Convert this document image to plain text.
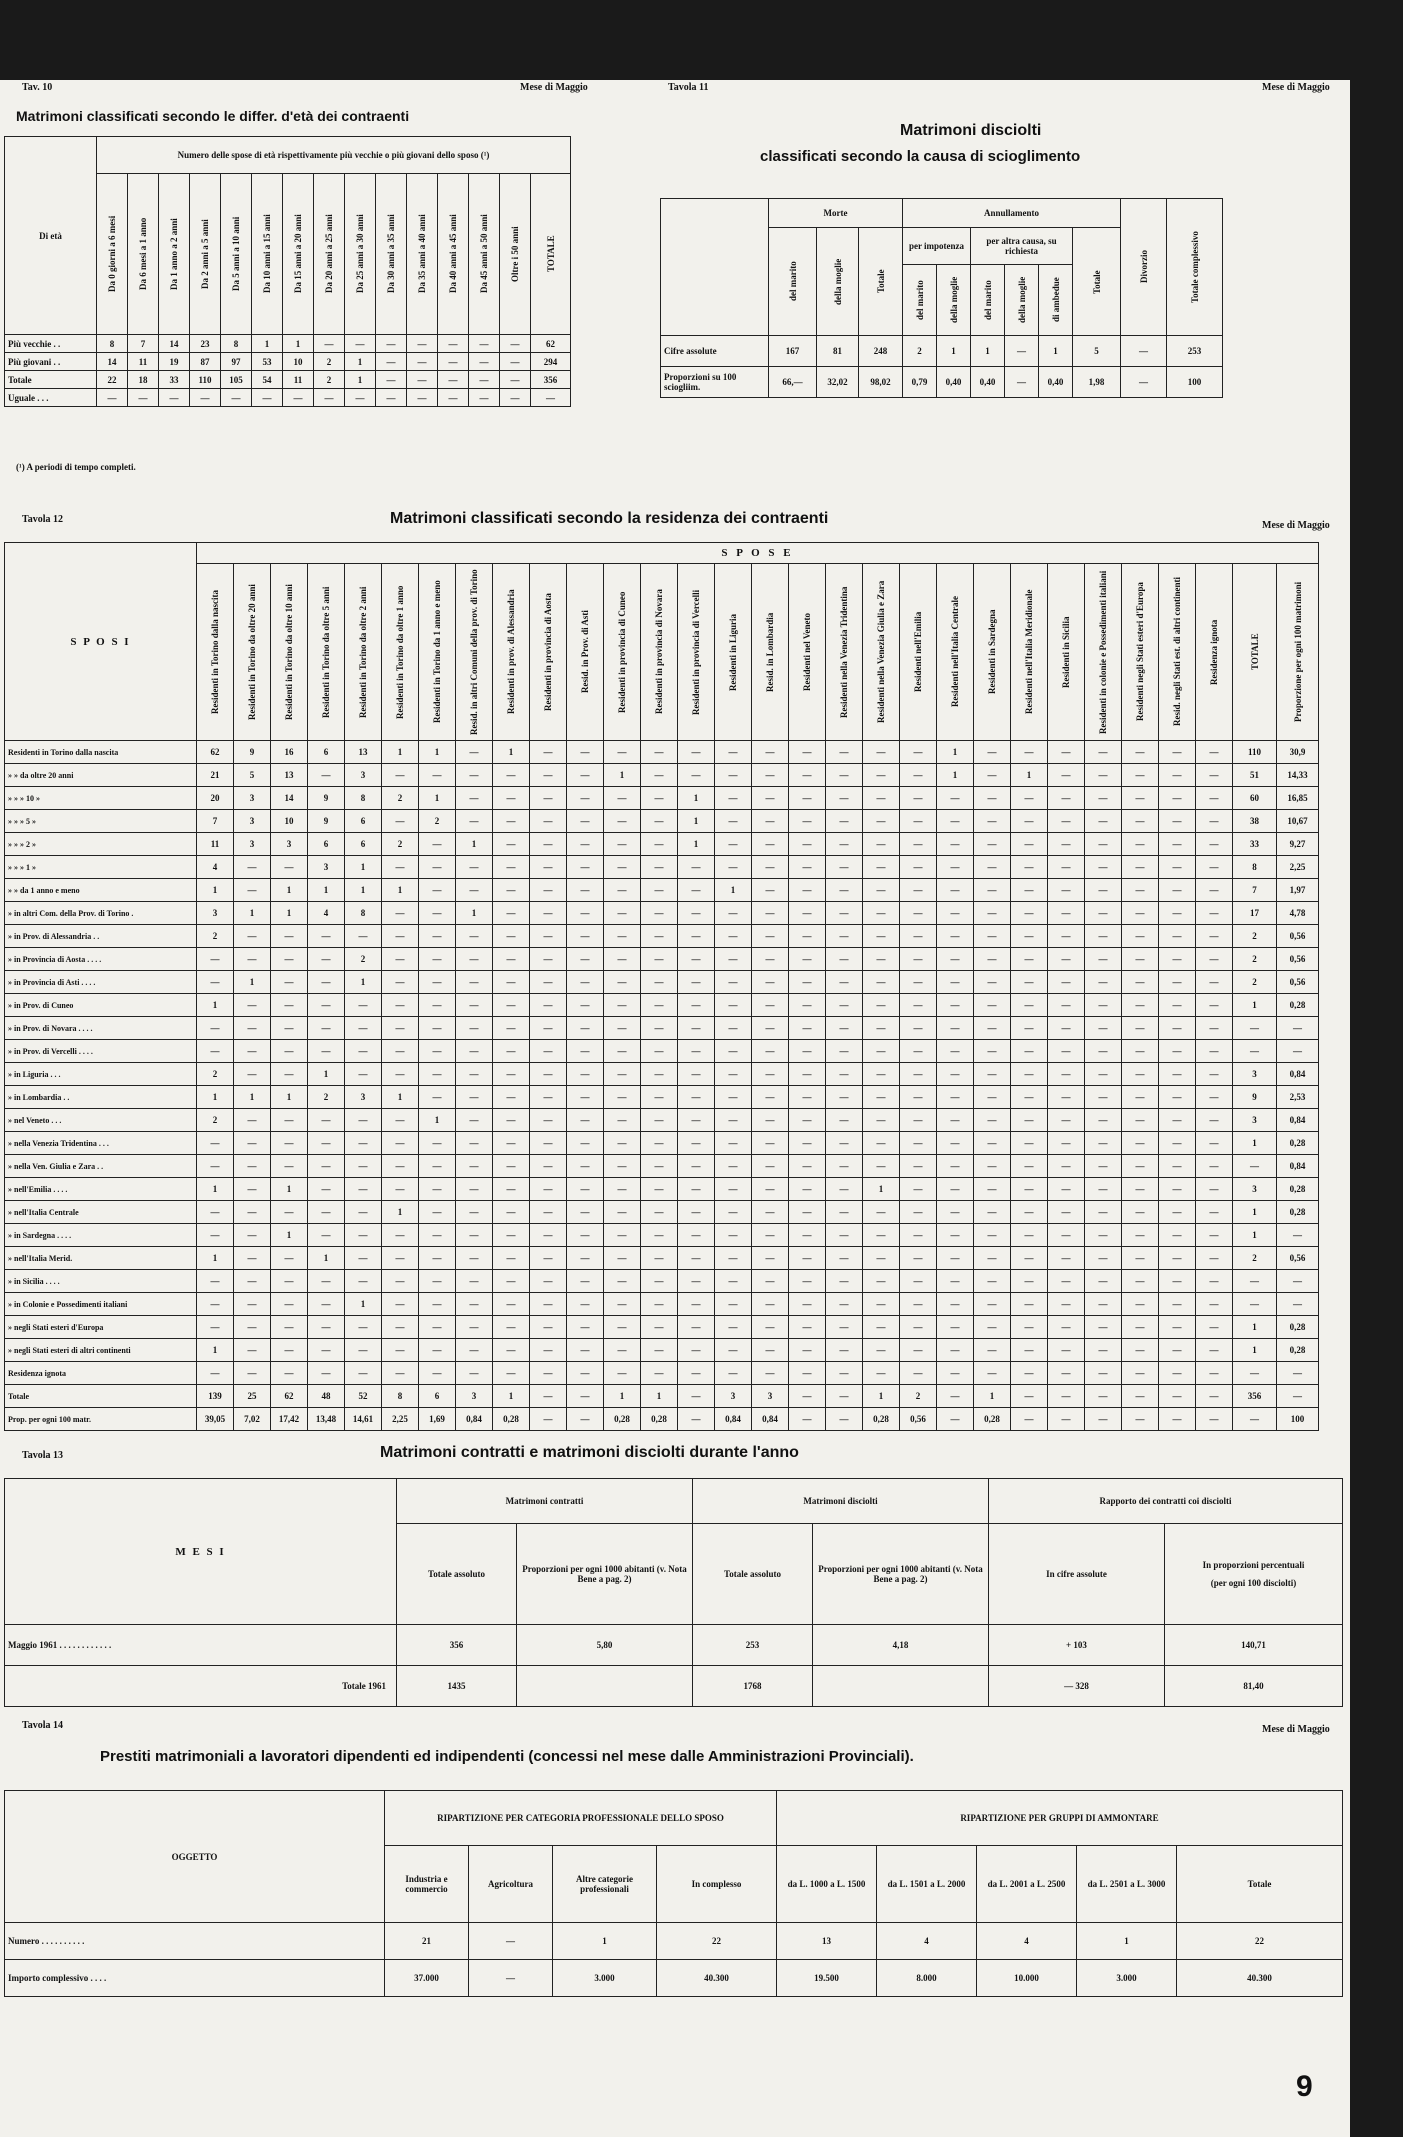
Tav. 10	Mese di Maggio
Matrimoni classificati secondo le differ. d'età dei contraenti
Di età	Numero delle spose di età rispettivamente più vecchie o più giovani dello sposo (¹)														

	Da 0 giorni a 6 mesi	Da 6 mesi a 1 anno	Da 1 anno a 2 anni	Da 2 anni a 5 anni	Da 5 anni a 10 anni	Da 10 anni a 15 anni	Da 15 anni a 20 anni	Da 20 anni a 25 anni	Da 25 anni a 30 anni	Da 30 anni a 35 anni	Da 35 anni a 40 anni	Da 40 anni a 45 anni	Da 45 anni a 50 anni	Oltre i 50 anni	TOTALE

Più vecchie . .	8	7	14	23	8	1	1	—	—	—	—	—	—	—	62
Più giovani . .	14	11	19	87	97	53	10	2	1	—	—	—	—	—	294
Totale	22	18	33	110	105	54	11	2	1	—	—	—	—	—	356
Uguale . . .	—	—	—	—	—	—	—	—	—	—	—	—	—	—	—
(¹) A periodi di tempo completi.
Tavola 11	Mese di Maggio
Matrimoni disciolti
classificati secondo la causa di scioglimento
	Morte			Annullamento						Divorzio	Totale complessivo

	del marito	della moglie	Totale	per impotenza		per altra causa, su richiesta			Totale		

				del marito	della moglie	del marito	della moglie	di ambedue			

Cifre assolute	167	81	248	2	1	1	—	1	5	—	253
Proporzioni su 100 sciogliim.	66,—	32,02	98,02	0,79	0,40	0,40	—	0,40	1,98	—	100
Tavola 12	Matrimoni classificati secondo la residenza dei contraenti	Mese di Maggio
S P O S I	S P O S E																													

	Residenti in Torino dalla nascita	Residenti in Torino da oltre 20 anni	Residenti in Torino da oltre 10 anni	Residenti in Torino da oltre 5 anni	Residenti in Torino da oltre 2 anni	Residenti in Torino da oltre 1 anno	Residenti in Torino da 1 anno e meno	Resid. in altri Comuni della prov. di Torino	Residenti in prov. di Alessandria	Residenti in provincia di Aosta	Resid. in Prov. di Asti	Residenti in provincia di Cuneo	Residenti in provincia di Novara	Residenti in provincia di Vercelli	Residenti in Liguria	Resid. in Lombardia	Residenti nel Veneto	Residenti nella Venezia Tridentina	Residenti nella Venezia Giulia e Zara	Residenti nell'Emilia	Residenti nell'Italia Centrale	Residenti in Sardegna	Residenti nell'Italia Meridionale	Residenti in Sicilia	Residenti in colonie e Possedimenti italiani	Residenti negli Stati esteri d'Europa	Resid. negli Stati est. di altri continenti	Residenza ignota	TOTALE	Proporzione per ogni 100 matrimoni

Residenti in Torino dalla nascita	62	9	16	6	13	1	1	—	1	—	—	—	—	—	—	—	—	—	—	—	1	—	—	—	—	—	—	—	110	30,9
» » da oltre 20 anni	21	5	13	—	3	—	—	—	—	—	—	1	—	—	—	—	—	—	—	—	1	—	1	—	—	—	—	—	51	14,33
» » » 10 »	20	3	14	9	8	2	1	—	—	—	—	—	—	1	—	—	—	—	—	—	—	—	—	—	—	—	—	—	60	16,85
» » » 5 »	7	3	10	9	6	—	2	—	—	—	—	—	—	1	—	—	—	—	—	—	—	—	—	—	—	—	—	—	38	10,67
» » » 2 »	11	3	3	6	6	2	—	1	—	—	—	—	—	1	—	—	—	—	—	—	—	—	—	—	—	—	—	—	33	9,27
» » » 1 »	4	—	—	3	1	—	—	—	—	—	—	—	—	—	—	—	—	—	—	—	—	—	—	—	—	—	—	—	8	2,25
» » da 1 anno e meno	1	—	1	1	1	1	—	—	—	—	—	—	—	—	1	—	—	—	—	—	—	—	—	—	—	—	—	—	7	1,97
» in altri Com. della Prov. di Torino .	3	1	1	4	8	—	—	1	—	—	—	—	—	—	—	—	—	—	—	—	—	—	—	—	—	—	—	—	17	4,78
» in Prov. di Alessandria . .	2	—	—	—	—	—	—	—	—	—	—	—	—	—	—	—	—	—	—	—	—	—	—	—	—	—	—	—	2	0,56
» in Provincia di Aosta . . . .	—	—	—	—	2	—	—	—	—	—	—	—	—	—	—	—	—	—	—	—	—	—	—	—	—	—	—	—	2	0,56
» in Provincia di Asti . . . .	—	1	—	—	1	—	—	—	—	—	—	—	—	—	—	—	—	—	—	—	—	—	—	—	—	—	—	—	2	0,56
» in Prov. di Cuneo	1	—	—	—	—	—	—	—	—	—	—	—	—	—	—	—	—	—	—	—	—	—	—	—	—	—	—	—	1	0,28
» in Prov. di Novara . . . .	—	—	—	—	—	—	—	—	—	—	—	—	—	—	—	—	—	—	—	—	—	—	—	—	—	—	—	—	—	—
» in Prov. di Vercelli . . . .	—	—	—	—	—	—	—	—	—	—	—	—	—	—	—	—	—	—	—	—	—	—	—	—	—	—	—	—	—	—
» in Liguria . . .	2	—	—	1	—	—	—	—	—	—	—	—	—	—	—	—	—	—	—	—	—	—	—	—	—	—	—	—	3	0,84
» in Lombardia . .	1	1	1	2	3	1	—	—	—	—	—	—	—	—	—	—	—	—	—	—	—	—	—	—	—	—	—	—	9	2,53
» nel Veneto . . .	2	—	—	—	—	—	1	—	—	—	—	—	—	—	—	—	—	—	—	—	—	—	—	—	—	—	—	—	3	0,84
» nella Venezia Tridentina . . .	—	—	—	—	—	—	—	—	—	—	—	—	—	—	—	—	—	—	—	—	—	—	—	—	—	—	—	—	1	0,28
» nella Ven. Giulia e Zara . .	—	—	—	—	—	—	—	—	—	—	—	—	—	—	—	—	—	—	—	—	—	—	—	—	—	—	—	—	—	0,84
» nell'Emilia . . . .	1	—	1	—	—	—	—	—	—	—	—	—	—	—	—	—	—	—	1	—	—	—	—	—	—	—	—	—	3	0,28
» nell'Italia Centrale	—	—	—	—	—	1	—	—	—	—	—	—	—	—	—	—	—	—	—	—	—	—	—	—	—	—	—	—	1	0,28
» in Sardegna . . . .	—	—	1	—	—	—	—	—	—	—	—	—	—	—	—	—	—	—	—	—	—	—	—	—	—	—	—	—	1	—
» nell'Italia Merid.	1	—	—	1	—	—	—	—	—	—	—	—	—	—	—	—	—	—	—	—	—	—	—	—	—	—	—	—	2	0,56
» in Sicilia . . . .	—	—	—	—	—	—	—	—	—	—	—	—	—	—	—	—	—	—	—	—	—	—	—	—	—	—	—	—	—	—
» in Colonie e Possedimenti italiani	—	—	—	—	1	—	—	—	—	—	—	—	—	—	—	—	—	—	—	—	—	—	—	—	—	—	—	—	—	—
» negli Stati esteri d'Europa	—	—	—	—	—	—	—	—	—	—	—	—	—	—	—	—	—	—	—	—	—	—	—	—	—	—	—	—	1	0,28
» negli Stati esteri di altri continenti	1	—	—	—	—	—	—	—	—	—	—	—	—	—	—	—	—	—	—	—	—	—	—	—	—	—	—	—	1	0,28
Residenza ignota	—	—	—	—	—	—	—	—	—	—	—	—	—	—	—	—	—	—	—	—	—	—	—	—	—	—	—	—	—	—
Totale	139	25	62	48	52	8	6	3	1	—	—	1	1	—	3	3	—	—	1	2	—	1	—	—	—	—	—	—	356	—
Prop. per ogni 100 matr.	39,05	7,02	17,42	13,48	14,61	2,25	1,69	0,84	0,28	—	—	0,28	0,28	—	0,84	0,84	—	—	0,28	0,56	—	0,28	—	—	—	—	—	—	—	100
Tavola 13	Matrimoni contratti e matrimoni disciolti durante l'anno
M E S I	Matrimoni contratti		Matrimoni disciolti		Rapporto dei contratti coi disciolti	
	Totale assoluto	Proporzioni per ogni 1000 abitanti (v. Nota Bene a pag. 2)	Totale assoluto	Proporzioni per ogni 1000 abitanti (v. Nota Bene a pag. 2)	In cifre assolute	In proporzioni percentuali
(per ogni 100 disciolti)

Maggio 1961 . . . . . . . . . . . .	356	5,80	253	4,18	+ 103	140,71
Totale 1961	1435		1768		— 328	81,40
Tavola 14	Mese di Maggio
Prestiti matrimoniali a lavoratori dipendenti ed indipendenti (concessi nel mese dalle Amministrazioni Provinciali).
OGGETTO	RIPARTIZIONE PER CATEGORIA PROFESSIONALE DELLO SPOSO				RIPARTIZIONE PER GRUPPI DI AMMONTARE				
	Industria e commercio	Agricoltura	Altre categorie professionali	In complesso	da L. 1000 a L. 1500	da L. 1501 a L. 2000	da L. 2001 a L. 2500	da L. 2501 a L. 3000	Totale
Numero . . . . . . . . . .	21	—	1	22	13	4	4	1	22
Importo complessivo . . . .	37.000	—	3.000	40.300	19.500	8.000	10.000	3.000	40.300
9
